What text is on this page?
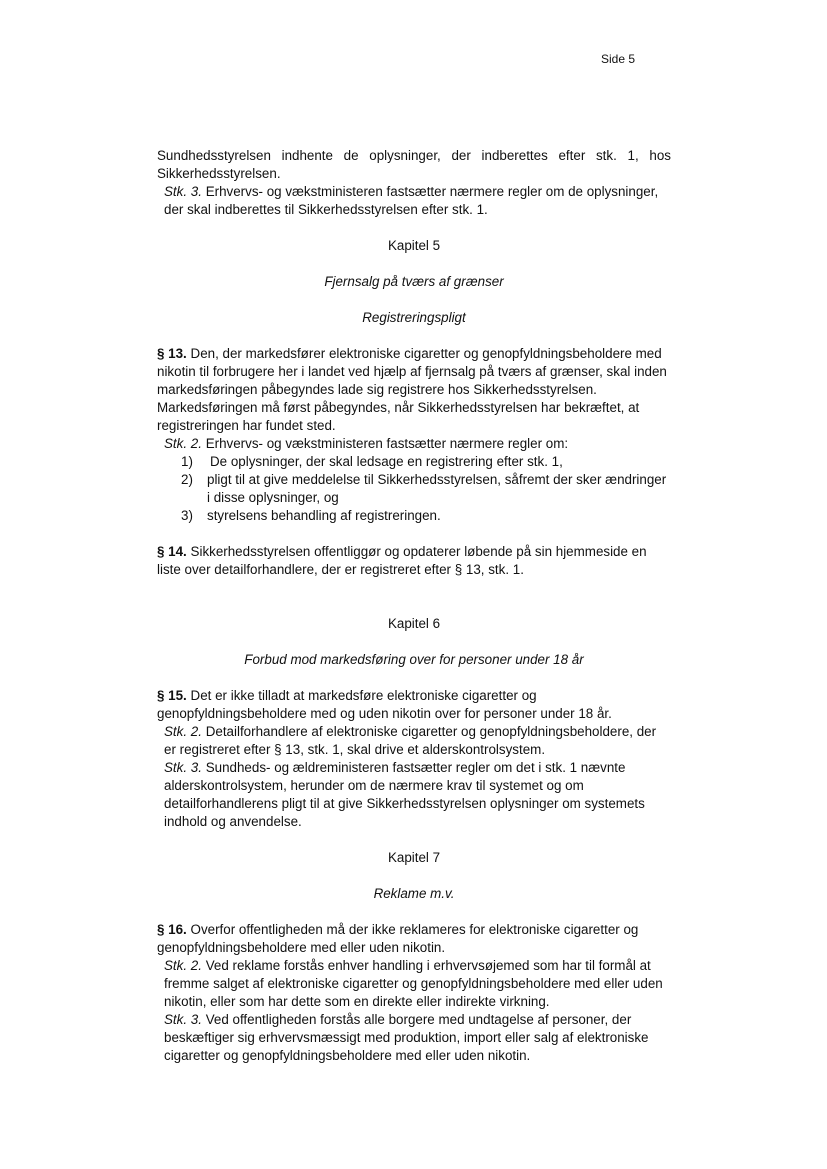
Side 5

Sundhedsstyrelsen indhente de oplysninger, der indberettes efter stk. 1, hos

Sikkerhedsstyrelsen.

Stk. 3. Erhvervs- og vækstministeren fastsætter nærmere regler om de oplysninger, der skal indberettes til Sikkerhedsstyrelsen efter stk. 1.

Kapitel 5

Fjernsalg på tværs af grænser

Registreringspligt

§ 13. Den, der markedsfører elektroniske cigaretter og genopfyldningsbeholdere med nikotin til forbrugere her i landet ved hjælp af fjernsalg på tværs af grænser, skal inden markedsføringen påbegyndes lade sig registrere hos Sikkerhedsstyrelsen. Markedsføringen må først påbegyndes, når Sikkerhedsstyrelsen har bekræftet, at registreringen har fundet sted.

Stk. 2. Erhvervs- og vækstministeren fastsætter nærmere regler om:

1)	De oplysninger, der skal ledsage en registrering efter stk. 1,
2)	pligt til at give meddelelse til Sikkerhedsstyrelsen, såfremt der sker ændringer i disse oplysninger, og
3)	styrelsens behandling af registreringen.

§ 14. Sikkerhedsstyrelsen offentliggør og opdaterer løbende på sin hjemmeside en liste over detailforhandlere, der er registreret efter § 13, stk. 1.

Kapitel 6

Forbud mod markedsføring over for personer under 18 år

§ 15. Det er ikke tilladt at markedsføre elektroniske cigaretter og genopfyldningsbeholdere med og uden nikotin over for personer under 18 år.

Stk. 2. Detailforhandlere af elektroniske cigaretter og genopfyldningsbeholdere, der er registreret efter § 13, stk. 1, skal drive et alderskontrolsystem.

Stk. 3. Sundheds- og ældreministeren fastsætter regler om det i stk. 1 nævnte alderskontrolsystem, herunder om de nærmere krav til systemet og om detailforhandlerens pligt til at give Sikkerhedsstyrelsen oplysninger om systemets indhold og anvendelse.

Kapitel 7

Reklame m.v.

§ 16. Overfor offentligheden må der ikke reklameres for elektroniske cigaretter og genopfyldningsbeholdere med eller uden nikotin.

Stk. 2. Ved reklame forstås enhver handling i erhvervsøjemed som har til formål at fremme salget af elektroniske cigaretter og genopfyldningsbeholdere med eller uden nikotin, eller som har dette som en direkte eller indirekte virkning.

Stk. 3. Ved offentligheden forstås alle borgere med undtagelse af personer, der beskæftiger sig erhvervsmæssigt med produktion, import eller salg af elektroniske cigaretter og genopfyldningsbeholdere med eller uden nikotin.
